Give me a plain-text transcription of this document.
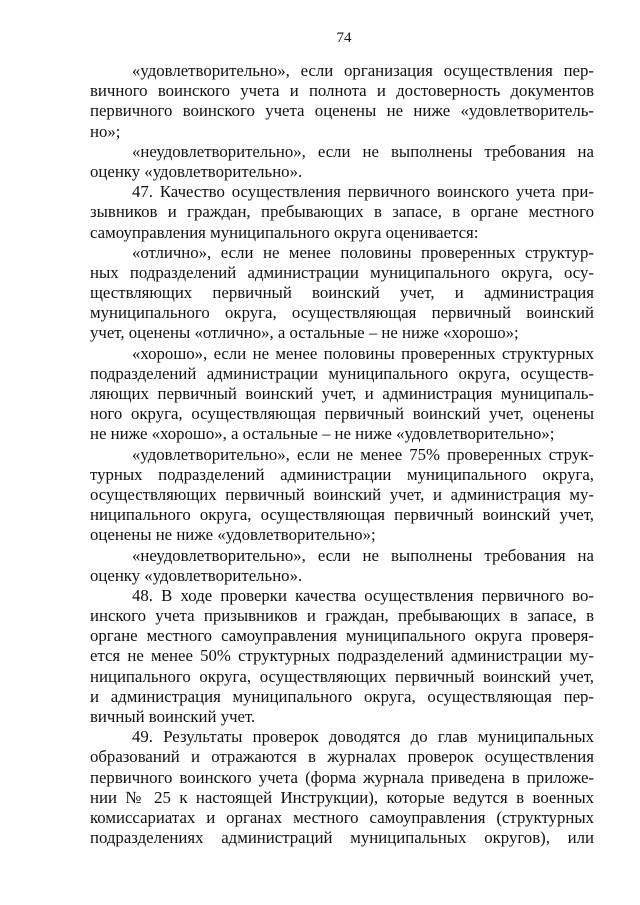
74
«удовлетворительно», если организация осуществления пер-
вичного воинского учета и полнота и достоверность документов
первичного воинского учета оценены не ниже «удовлетворитель-
но»;
«неудовлетворительно», если не выполнены требования на
оценку «удовлетворительно».
47. Качество осуществления первичного воинского учета при-
зывников и граждан, пребывающих в запасе, в органе местного
самоуправления муниципального округа оценивается:
«отлично», если не менее половины проверенных структур-
ных подразделений администрации муниципального округа, осу-
ществляющих первичный воинский учет, и администрация
муниципального округа, осуществляющая первичный воинский
учет, оценены «отлично», а остальные – не ниже «хорошо»;
«хорошо», если не менее половины проверенных структурных
подразделений администрации муниципального округа, осуществ-
ляющих первичный воинский учет, и администрация муниципаль-
ного округа, осуществляющая первичный воинский учет, оценены
не ниже «хорошо», а остальные – не ниже «удовлетворительно»;
«удовлетворительно», если не менее 75% проверенных струк-
турных подразделений администрации муниципального округа,
осуществляющих первичный воинский учет, и администрация му-
ниципального округа, осуществляющая первичный воинский учет,
оценены не ниже «удовлетворительно»;
«неудовлетворительно», если не выполнены требования на
оценку «удовлетворительно».
48. В ходе проверки качества осуществления первичного во-
инского учета призывников и граждан, пребывающих в запасе, в
органе местного самоуправления муниципального округа проверя-
ется не менее 50% структурных подразделений администрации му-
ниципального округа, осуществляющих первичный воинский учет,
и администрация муниципального округа, осуществляющая пер-
вичный воинский учет.
49. Результаты проверок доводятся до глав муниципальных
образований и отражаются в журналах проверок осуществления
первичного воинского учета (форма журнала приведена в приложе-
нии № 25 к настоящей Инструкции), которые ведутся в военных
комиссариатах и органах местного самоуправления (структурных
подразделениях администраций муниципальных округов), или
